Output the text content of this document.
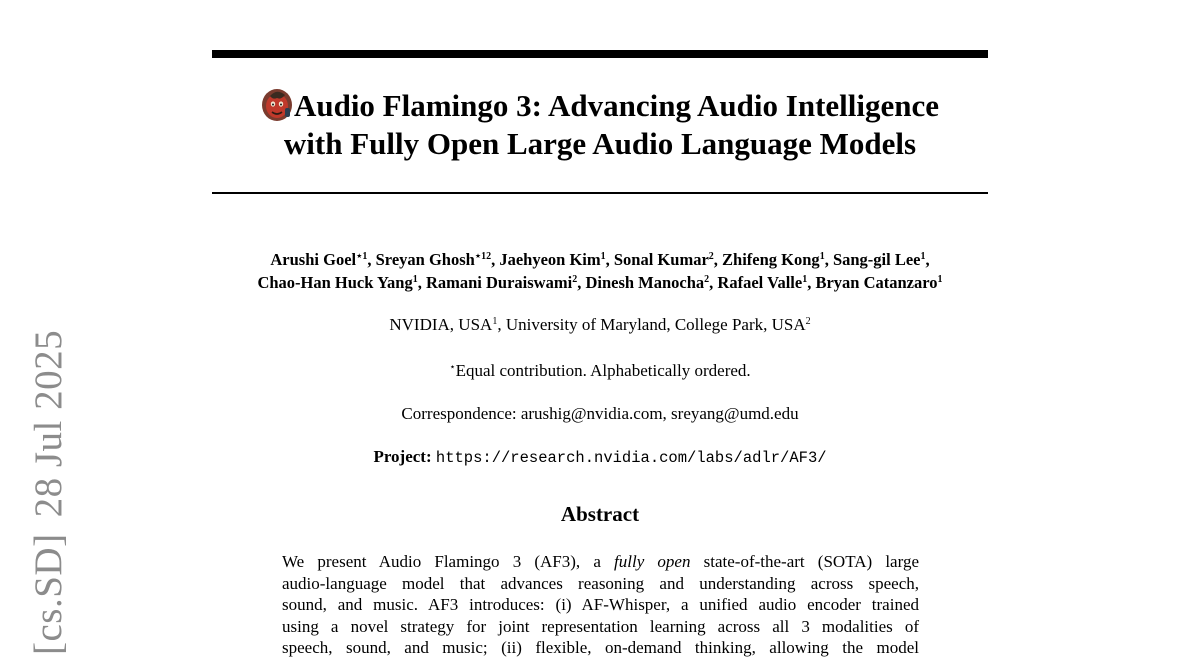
[cs.SD]28 Jul 2025
Audio Flamingo 3: Advancing Audio Intelligence
with Fully Open Large Audio Language Models
Arushi Goel$^{⋆1}$, Sreyan Ghosh$^{⋆12}$, Jaehyeon Kim$^1$, Sonal Kumar$^2$, Zhifeng Kong$^1$, Sang-gil Lee$^1$,
Chao-Han Huck Yang$^1$, Ramani Duraiswami$^2$, Dinesh Manocha$^2$, Rafael Valle$^1$, Bryan Catanzaro$^1$
NVIDIA, USA$^1$, University of Maryland, College Park, USA$^2$
⋆Equal contribution. Alphabetically ordered.
Correspondence: arushig@nvidia.com, sreyang@umd.edu
Project: https://research.nvidia.com/labs/adlr/AF3/
Abstract
We present Audio Flamingo 3 (AF3), a fully open state-of-the-art (SOTA) large
audio-language model that advances reasoning and understanding across speech,
sound, and music. AF3 introduces: (i) AF-Whisper, a unified audio encoder trained
using a novel strategy for joint representation learning across all 3 modalities of
speech, sound, and music; (ii) flexible, on-demand thinking, allowing the model
